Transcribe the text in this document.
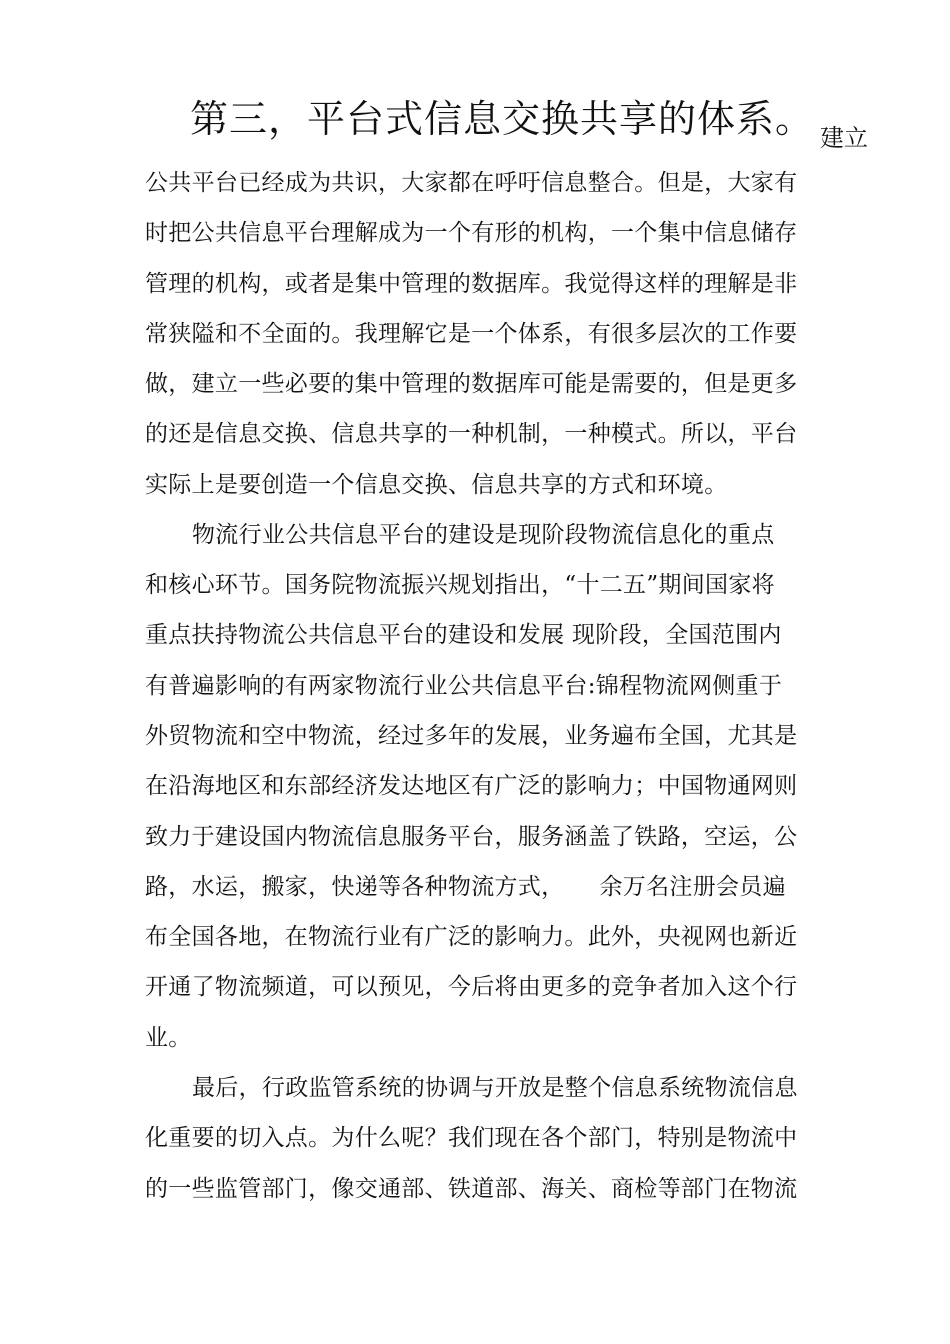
第三，平台式信息交换共享的体系。 建立
公共平台已经成为共识，大家都在呼吁信息整合。但是，大家有
时把公共信息平台理解成为一个有形的机构，一个集中信息储存
管理的机构，或者是集中管理的数据库。我觉得这样的理解是非
常狭隘和不全面的。我理解它是一个体系，有很多层次的工作要
做，建立一些必要的集中管理的数据库可能是需要的，但是更多
的还是信息交换、信息共享的一种机制，一种模式。所以，平台
实际上是要创造一个信息交换、信息共享的方式和环境。
物流行业公共信息平台的建设是现阶段物流信息化的重点
和核心环节。国务院物流振兴规划指出，“十二五”期间国家将
重点扶持物流公共信息平台的建设和发展 现阶段，全国范围内
有普遍影响的有两家物流行业公共信息平台:锦程物流网侧重于
外贸物流和空中物流，经过多年的发展，业务遍布全国，尤其是
在沿海地区和东部经济发达地区有广泛的影响力；中国物通网则
致力于建设国内物流信息服务平台，服务涵盖了铁路，空运，公
路，水运，搬家，快递等各种物流方式，　　余万名注册会员遍
布全国各地，在物流行业有广泛的影响力。此外，央视网也新近
开通了物流频道，可以预见，今后将由更多的竞争者加入这个行
业。
最后，行政监管系统的协调与开放是整个信息系统物流信息
化重要的切入点。为什么呢？我们现在各个部门，特别是物流中
的一些监管部门，像交通部、铁道部、海关、商检等部门在物流
